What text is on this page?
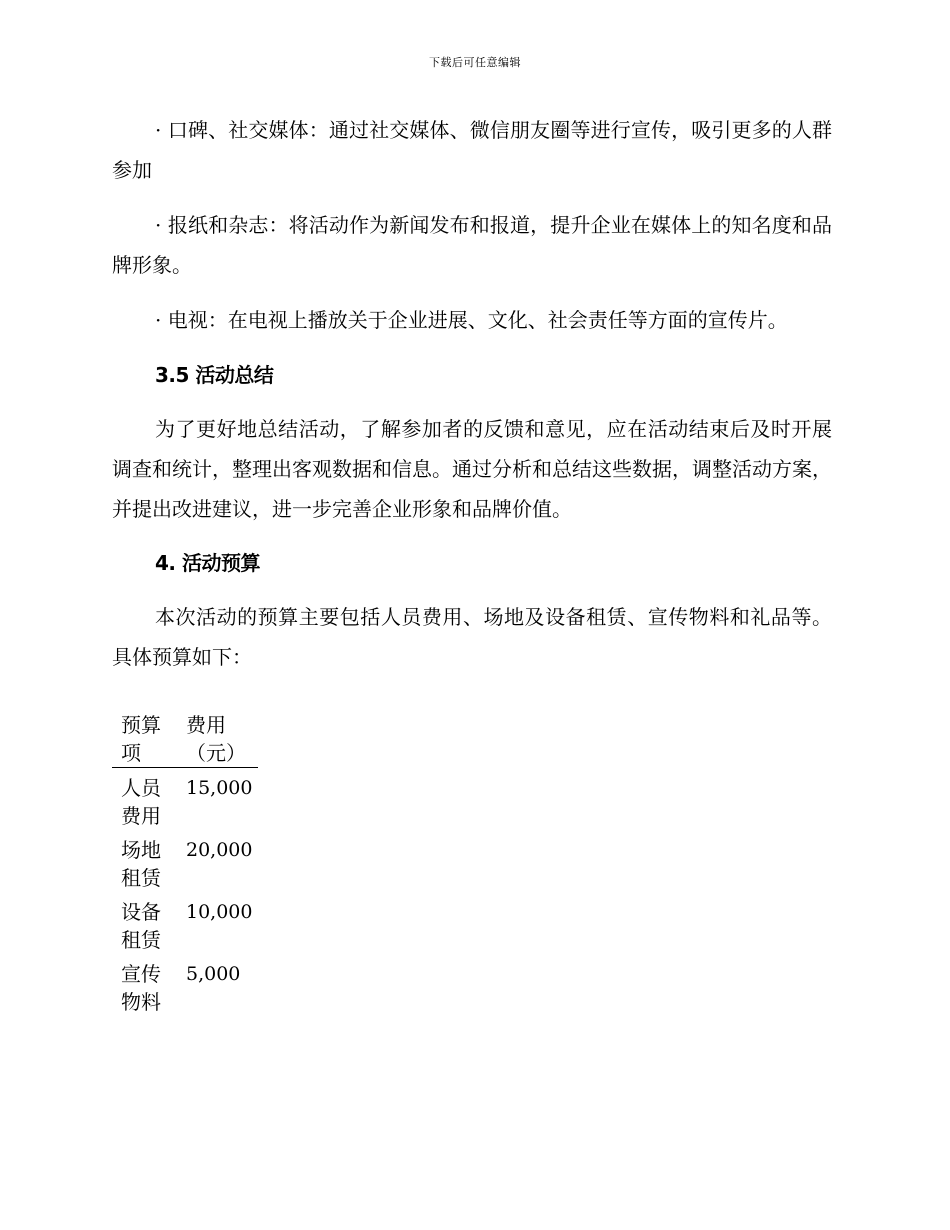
下载后可任意编辑

· 口碑、社交媒体：通过社交媒体、微信朋友圈等进行宣传，吸引更多的人群参加

· 报纸和杂志：将活动作为新闻发布和报道，提升企业在媒体上的知名度和品牌形象。

· 电视：在电视上播放关于企业进展、文化、社会责任等方面的宣传片。

3.5 活动总结

为了更好地总结活动，了解参加者的反馈和意见，应在活动结束后及时开展调查和统计，整理出客观数据和信息。通过分析和总结这些数据，调整活动方案，并提出改进建议，进一步完善企业形象和品牌价值。

4. 活动预算

本次活动的预算主要包括人员费用、场地及设备租赁、宣传物料和礼品等。具体预算如下：

预算项	费用（元）
人员费用	15,000
场地租赁	20,000
设备租赁	10,000
宣传物料	5,000
